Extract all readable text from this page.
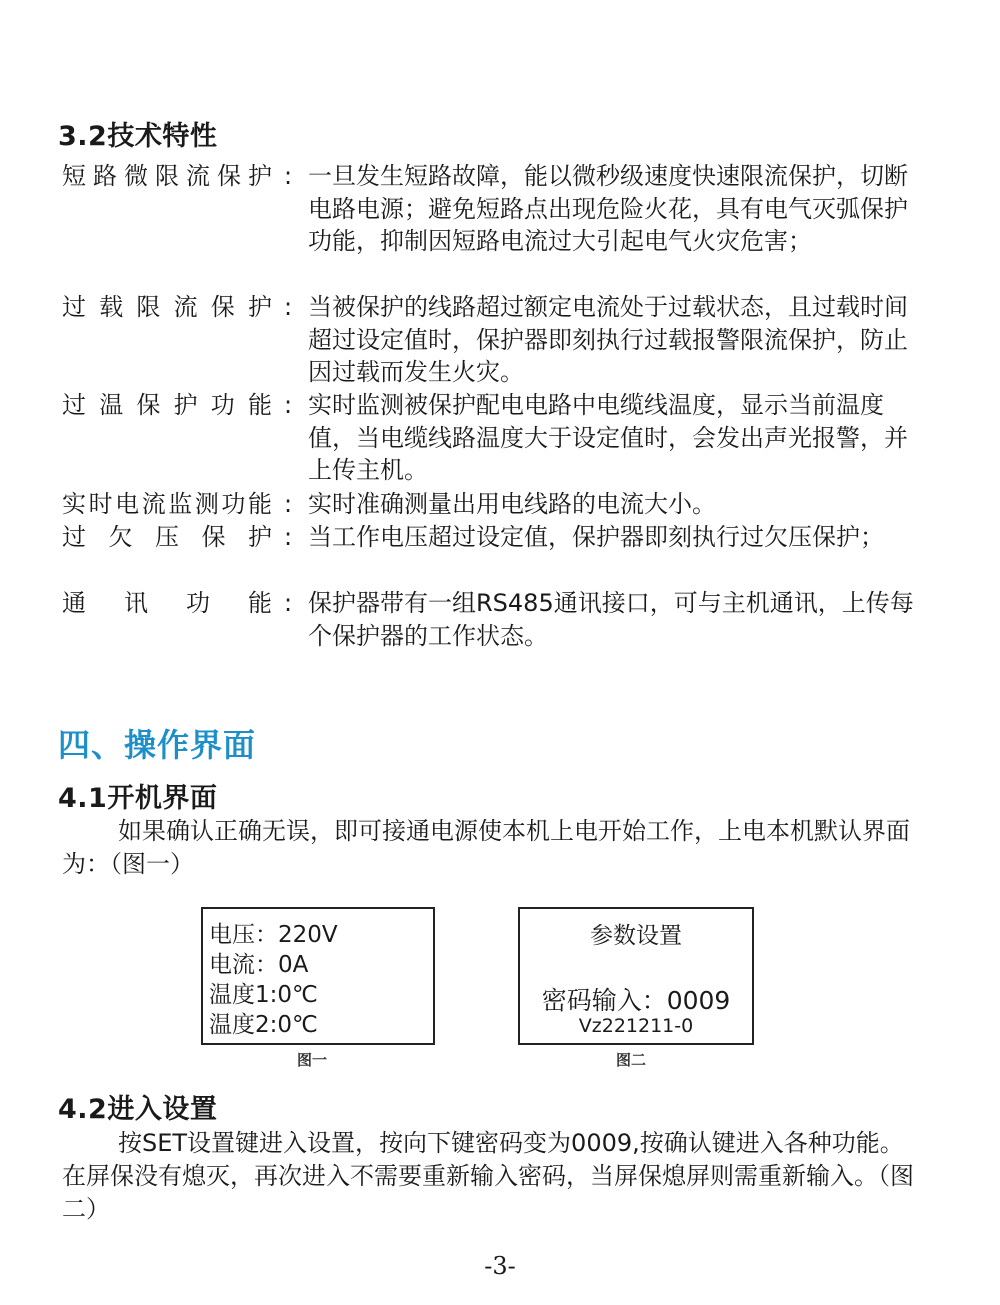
3.2技术特性
短 路 微 限 流 保 护 : 一旦发生短路故障，能以微秒级速度快速限流保护，切断电路电源；避免短路点出现危险火花，具有电气灭弧保护功能，抑制因短路电流过大引起电气火灾危害；
过 载 限 流 保 护 : 当被保护的线路超过额定电流处于过载状态，且过载时间超过设定值时，保护器即刻执行过载报警限流保护，防止因过载而发生火灾。
过 温 保 护 功 能 : 实时监测被保护配电电路中电缆线温度，显示当前温度值，当电缆线路温度大于设定值时，会发出声光报警，并上传主机。
实 时 电 流 监 测 功 能 : 实时准确测量出用电线路的电流大小。
过 欠 压 保 护 : 当工作电压超过设定值，保护器即刻执行过欠压保护；
通 讯 功 能 : 保护器带有一组RS485通讯接口，可与主机通讯，上传每个保护器的工作状态。
四、操作界面
4.1开机界面
如果确认正确无误，即可接通电源使本机上电开始工作，上电本机默认界面为：（图一）
电压：220V
电流：0A
温度1:0℃
温度2:0℃
图一
参数设置
密码输入：0009
Vz221211-0
图二
4.2进入设置
按SET设置键进入设置，按向下键密码变为0009,按确认键进入各种功能。在屏保没有熄灭，再次进入不需要重新输入密码，当屏保熄屏则需重新输入。（图二）
-3-
